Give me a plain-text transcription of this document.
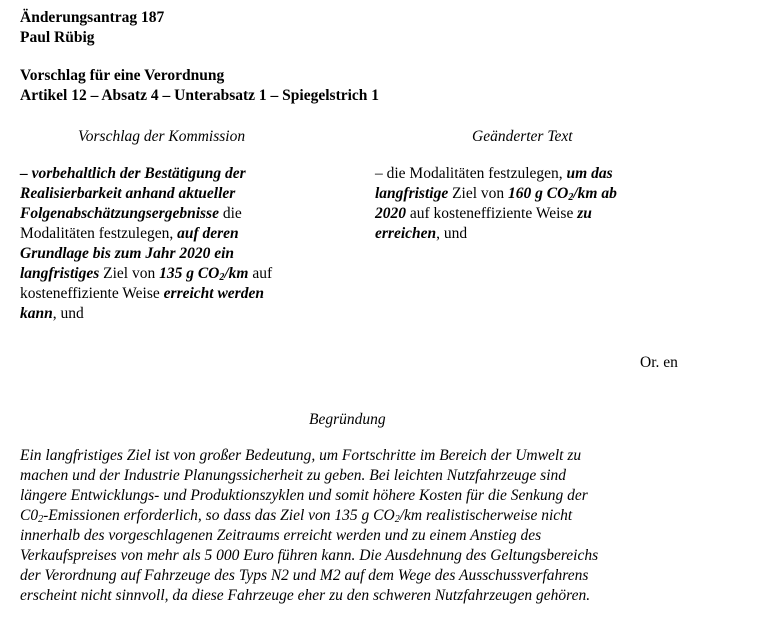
Änderungsantrag 187
Paul Rübig
Vorschlag für eine Verordnung
Artikel 12 – Absatz 4 – Unterabsatz 1 – Spiegelstrich 1
Vorschlag der Kommission	Geänderter Text
– vorbehaltlich der Bestätigung der
Realisierbarkeit anhand aktueller
Folgenabschätzungsergebnisse die
Modalitäten festzulegen, auf deren
Grundlage bis zum Jahr 2020 ein
langfristiges Ziel von 135 g $CO_2/km$ auf
kosteneffiziente Weise erreicht werden
kann, und
– die Modalitäten festzulegen, um das
langfristige Ziel von 160 g $CO_2/km$ ab
2020 auf kosteneffiziente Weise zu
erreichen, und
Or. en
Begründung
Ein langfristiges Ziel ist von großer Bedeutung, um Fortschritte im Bereich der Umwelt zu
machen und der Industrie Planungssicherheit zu geben. Bei leichten Nutzfahrzeuge sind
längere Entwicklungs- und Produktionszyklen und somit höhere Kosten für die Senkung der
$C0_2$-Emissionen erforderlich, so dass das Ziel von 135 g $CO_2/km$ realistischerweise nicht
innerhalb des vorgeschlagenen Zeitraums erreicht werden und zu einem Anstieg des
Verkaufspreises von mehr als 5 000 Euro führen kann. Die Ausdehnung des Geltungsbereichs
der Verordnung auf Fahrzeuge des Typs N2 und M2 auf dem Wege des Ausschussverfahrens
erscheint nicht sinnvoll, da diese Fahrzeuge eher zu den schweren Nutzfahrzeugen gehören.
